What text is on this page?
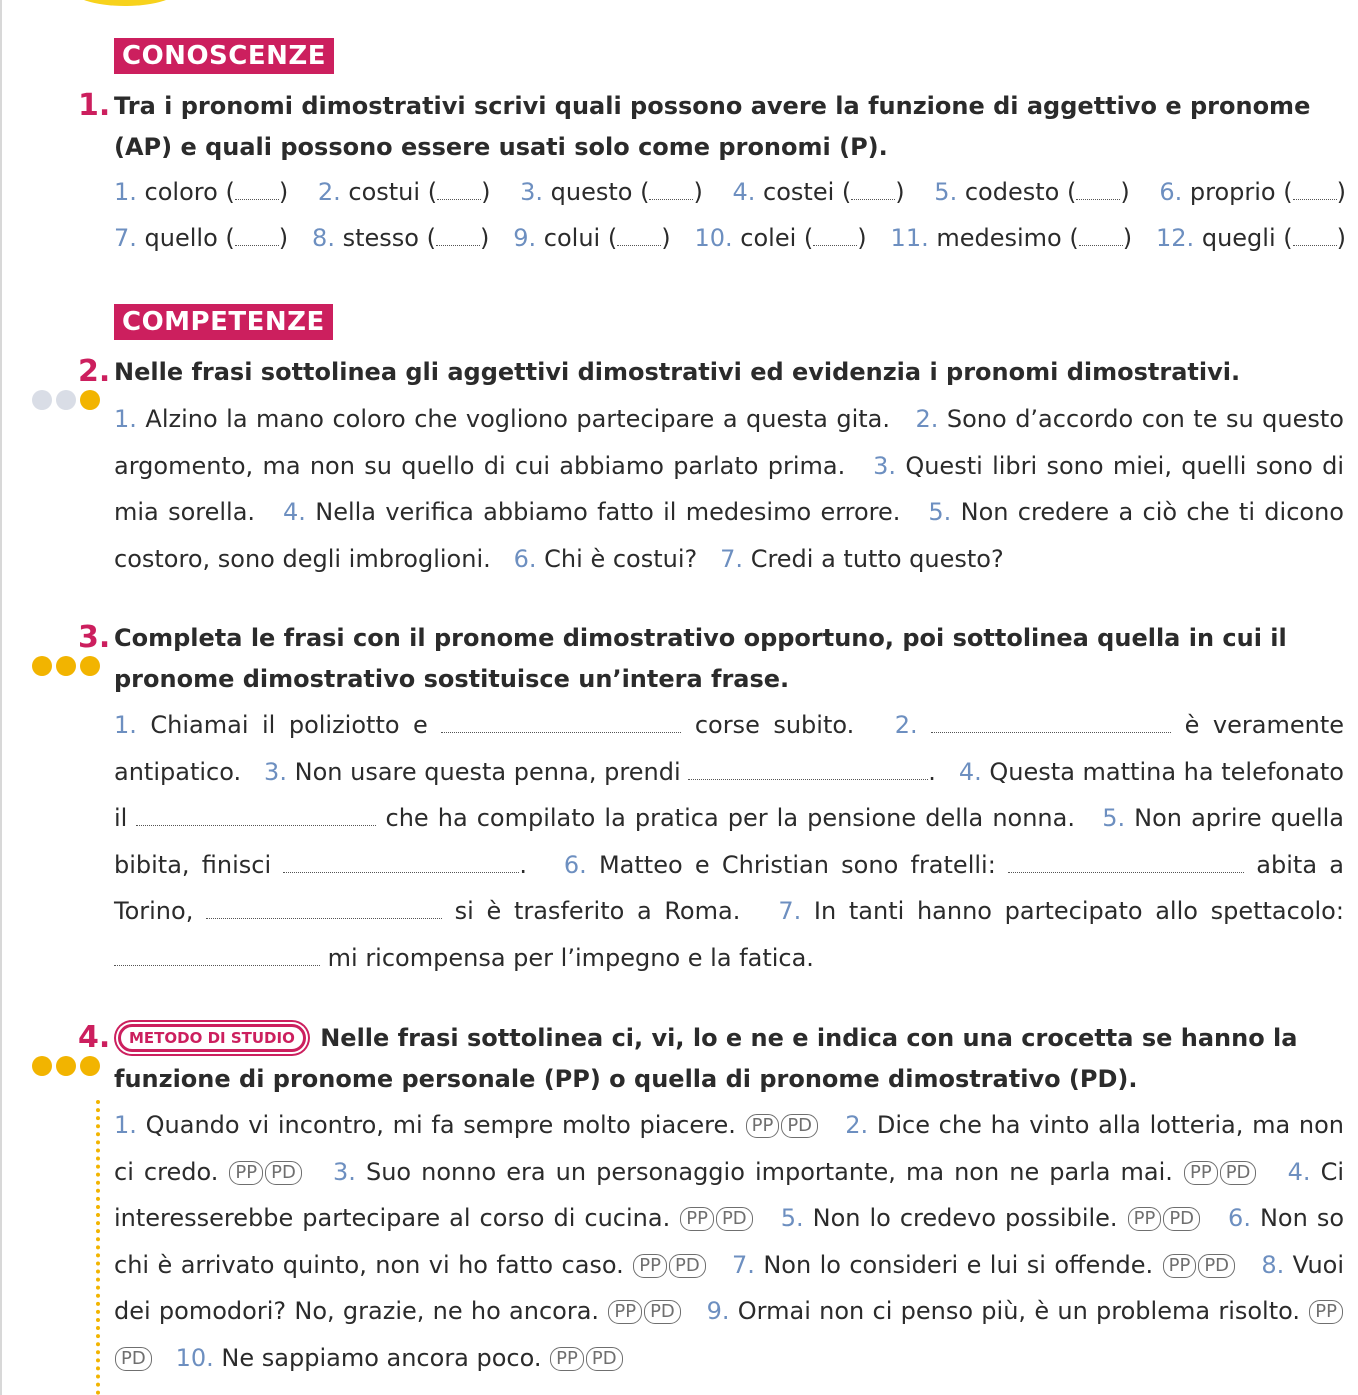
CONOSCENZE
1. Tra i pronomi dimostrativi scrivi quali possono avere la funzione di aggettivo e pronome (AP) e quali possono essere usati solo come pronomi (P).

1. coloro ( ) 2. costui ( ) 3. questo ( ) 4. costei ( ) 5. codesto ( ) 6. proprio ( )
7. quello ( ) 8. stesso ( ) 9. colui ( ) 10. colei ( ) 11. medesimo ( ) 12. quegli ( )
COMPETENZE
2. Nelle frasi sottolinea gli aggettivi dimostrativi ed evidenzia i pronomi dimostrativi.

1. Alzino la mano coloro che vogliono partecipare a questa gita. 2. Sono d’accordo con te su questo argomento, ma non su quello di cui abbiamo parlato prima. 3. Questi libri sono miei, quelli sono di mia sorella. 4. Nella verifica abbiamo fatto il medesimo errore. 5. Non credere a ciò che ti dicono costoro, sono degli imbroglioni. 6. Chi è costui? 7. Credi a tutto questo?

3. Completa le frasi con il pronome dimostrativo opportuno, poi sottolinea quella in cui il pronome dimostrativo sostituisce un’intera frase.

1. Chiamai il poliziotto e	corse subito. 2.	è veramente antipatico. 3. Non usare questa penna, prendi	. 4. Questa mattina ha telefonato il	che ha compilato la pratica per la pensione della nonna. 5. Non aprire quella bibita, finisci	. 6. Matteo e Christian sono fratelli:	abita a Torino,	si è trasferito a Roma. 7. In tanti hanno partecipato allo spettacolo:  mi ricompensa per l’impegno e la fatica.

4.	METODO DI STUDIO Nelle frasi sottolinea ci, vi, lo e ne e indica con una crocetta se hanno la funzione di pronome personale (PP) o quella di pronome dimostrativo (PD).

1. Quando vi incontro, mi fa sempre molto piacere. PP PD 2. Dice che ha vinto alla lotteria, ma non ci credo. PP PD 3. Suo nonno era un personaggio importante, ma non ne parla mai. PP PD 4. Ci interesserebbe partecipare al corso di cucina. PP PD 5. Non lo credevo possibile. PP PD 6. Non so chi è arrivato quinto, non vi ho fatto caso. PP PD 7. Non lo consideri e lui si offende. PP PD 8. Vuoi dei pomodori? No, grazie, ne ho ancora. PP PD 9. Ormai non ci penso più, è un problema risolto. PPPD 10. Ne sappiamo ancora poco. PP PD
